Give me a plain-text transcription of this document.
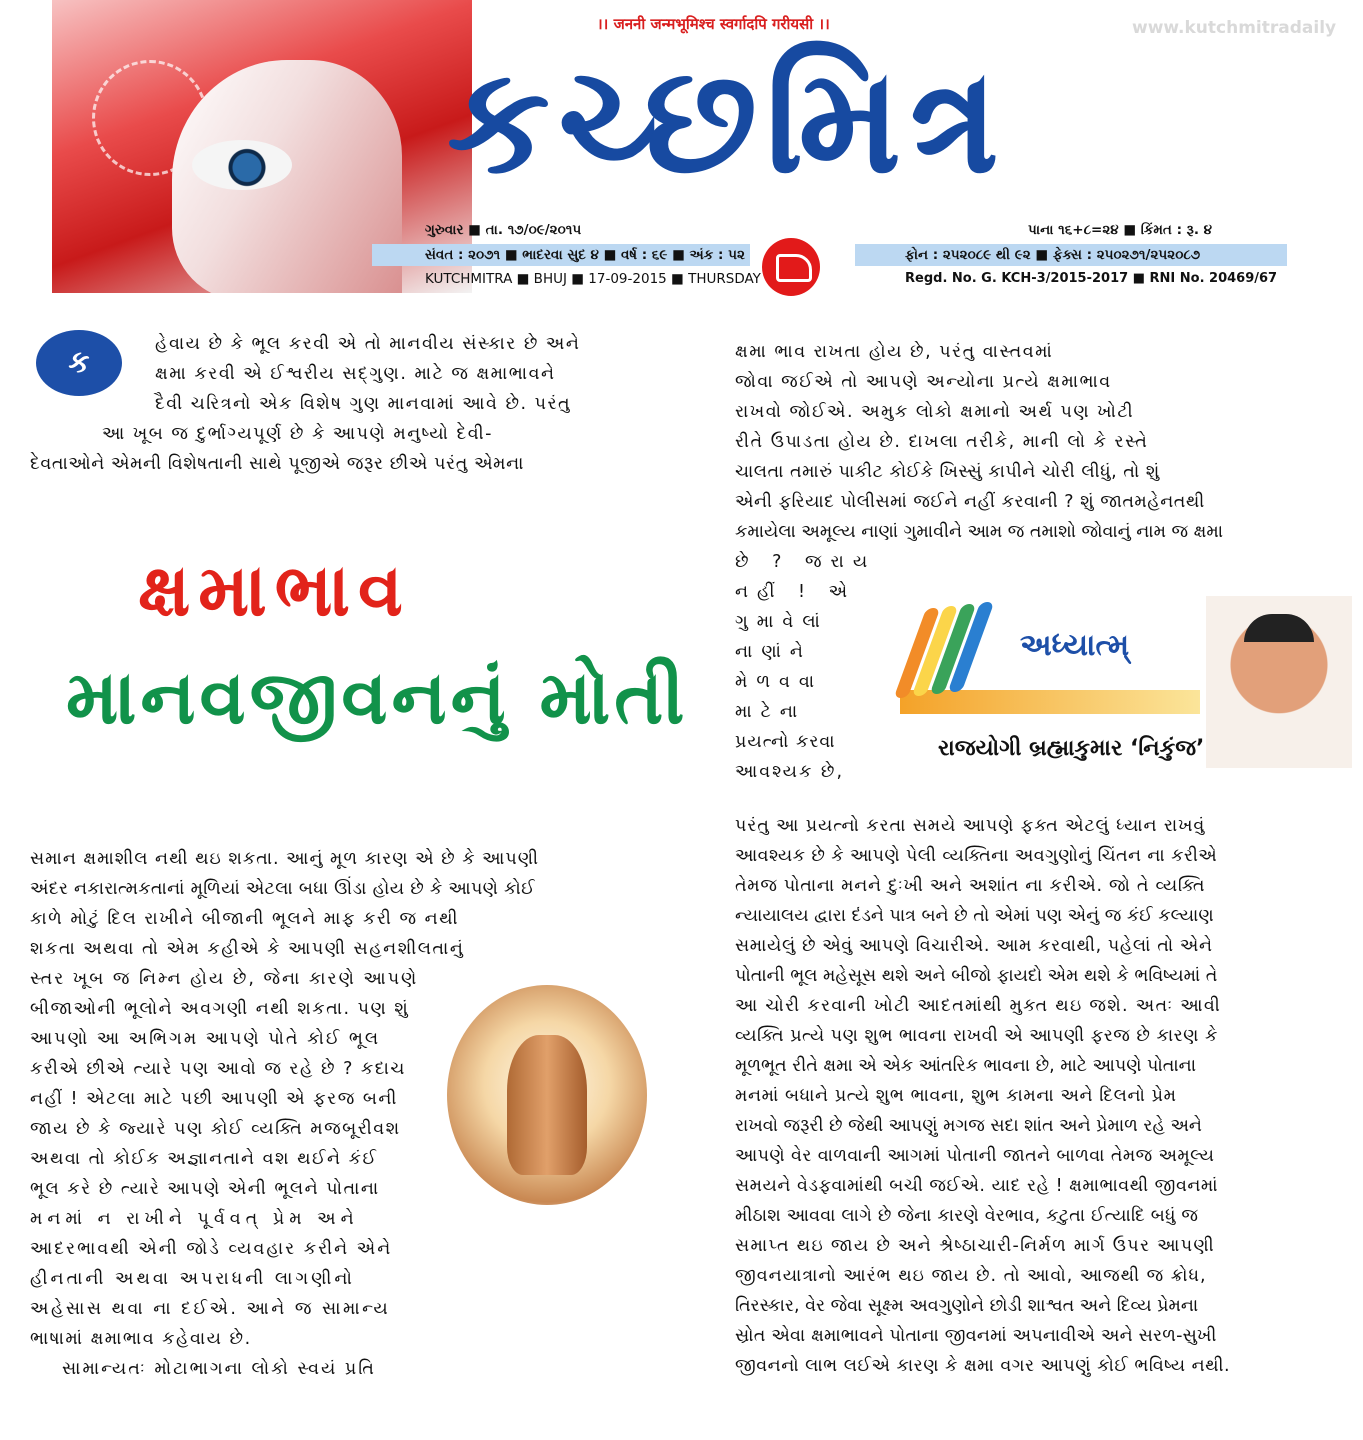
।। जननी जन्मभूमिश्च स्वर्गादपि गरीयसी ।।	www.kutchmitradaily
કચ્છમિત્ર
ગુરુવાર ■ તા. ૧૭/૦૯/૨૦૧૫	પાના ૧૬+૮=૨૪ ■ કિંમત : રૂ. ૪
સંવત : ૨૦૭૧ ■ ભાદરવા સુદ ૪ ■ વર્ષ : ૬૯ ■ અંક : ૫૨	ફોન : ૨૫૨૦૮૯ થી ૯૨ ■ ફેક્સ : ૨૫૦૨૭૧/૨૫૨૦૮૭
KUTCHMITRA ■ BHUJ ■ 17-09-2015 ■ THURSDAY	Regd. No. G. KCH-3/2015-2017 ■ RNI No. 20469/67
ક
હેવાય છે કે ભૂલ કરવી એ તો માનવીય સંસ્કાર છે અને
ક્ષમા કરવી એ ઈશ્વરીય સદ્ગુણ. માટે જ ક્ષમાભાવને
દૈવી ચરિત્રનો એક વિશેષ ગુણ માનવામાં આવે છે. પરંતુ
આ ખૂબ જ દુર્ભાગ્યપૂર્ણ છે કે આપણે મનુષ્યો દેવી-
દેવતાઓને એમની વિશેષતાની સાથે પૂજીએ જરૂર છીએ પરંતુ એમના
ક્ષમાભાવ
માનવજીવનનું મોતી
સમાન ક્ષમાશીલ નથી થઇ શકતા. આનું મૂળ કારણ એ છે કે આપણી
અંદર નકારાત્મકતાનાં મૂળિયાં એટલા બધા ઊંડા હોય છે કે આપણે કોઈ
કાળે મોટું દિલ રાખીને બીજાની ભૂલને માફ કરી જ નથી
શકતા અથવા તો એમ કહીએ કે આપણી સહનશીલતાનું
સ્તર ખૂબ જ નિમ્ન હોય છે, જેના કારણે આપણે
બીજાઓની ભૂલોને અવગણી નથી શકતા. પણ શું
આપણો આ અભિગમ આપણે પોતે કોઈ ભૂલ
કરીએ છીએ ત્યારે પણ આવો જ રહે છે ? કદાચ
નહીં ! એટલા માટે પછી આપણી એ ફરજ બની
જાય છે કે જ્યારે પણ કોઈ વ્યક્તિ મજબૂરીવશ
અથવા તો કોઈક અજ્ઞાનતાને વશ થઈને કંઈ
ભૂલ કરે છે ત્યારે આપણે એની ભૂલને પોતાના
મનમાં ન રાખીને પૂર્વવત્ પ્રેમ અને
આદરભાવથી એની જોડે વ્યવહાર કરીને એને
હીનતાની અથવા અપરાધની લાગણીનો
અહેસાસ થવા ના દઈએ. આને જ સામાન્ય
ભાષામાં ક્ષમાભાવ કહેવાય છે.
સામાન્યતઃ મોટાભાગના લોકો સ્વયં પ્રતિ
ક્ષમા ભાવ રાખતા હોય છે, પરંતુ વાસ્તવમાં
જોવા જઈએ તો આપણે અન્યોના પ્રત્યે ક્ષમાભાવ
રાખવો જોઈએ. અમુક લોકો ક્ષમાનો અર્થ પણ ખોટી
રીતે ઉપાડતા હોય છે. દાખલા તરીકે, માની લો કે રસ્તે
ચાલતા તમારું પાકીટ કોઈકે ખિસ્સું કાપીને ચોરી લીધું, તો શું
એની ફરિયાદ પોલીસમાં જઈને નહીં કરવાની ? શું જાતમહેનતથી
કમાયેલા અમૂલ્ય નાણાં ગુમાવીને આમ જ તમાશો જોવાનું નામ જ ક્ષમા
છે ? જરાય
નહીં ! એ
ગુમાવેલાં
નાણાંને
મેળવવા
માટેના
પ્રયત્નો કરવા
આવશ્યક છે,
અધ્યાત્મ્
રાજયોગી બ્રહ્માકુમાર ‘નિકુંજ’
પરંતુ આ પ્રયત્નો કરતા સમયે આપણે ફક્ત એટલું ધ્યાન રાખવું
આવશ્યક છે કે આપણે પેલી વ્યક્તિના અવગુણોનું ચિંતન ના કરીએ
તેમજ પોતાના મનને દુઃખી અને અશાંત ના કરીએ. જો તે વ્યક્તિ
ન્યાયાલય દ્વારા દંડને પાત્ર બને છે તો એમાં પણ એનું જ કંઈ કલ્યાણ
સમાયેલું છે એવું આપણે વિચારીએ. આમ કરવાથી, પહેલાં તો એને
પોતાની ભૂલ મહેસૂસ થશે અને બીજો ફાયદો એમ થશે કે ભવિષ્યમાં તે
આ ચોરી કરવાની ખોટી આદતમાંથી મુક્ત થઇ જશે. અતઃ આવી
વ્યક્તિ પ્રત્યે પણ શુભ ભાવના રાખવી એ આપણી ફરજ છે કારણ કે
મૂળભૂત રીતે ક્ષમા એ એક આંતરિક ભાવના છે, માટે આપણે પોતાના
મનમાં બધાને પ્રત્યે શુભ ભાવના, શુભ કામના અને દિલનો પ્રેમ
રાખવો જરૂરી છે જેથી આપણું મગજ સદા શાંત અને પ્રેમાળ રહે અને
આપણે વેર વાળવાની આગમાં પોતાની જાતને બાળવા તેમજ અમૂલ્ય
સમયને વેડફવામાંથી બચી જઈએ. યાદ રહે ! ક્ષમાભાવથી જીવનમાં
મીઠાશ આવવા લાગે છે જેના કારણે વેરભાવ, કટુતા ઈત્યાદિ બધું જ
સમાપ્ત થઇ જાય છે અને શ્રેષ્ઠાચારી-નિર્મળ માર્ગ ઉપર આપણી
જીવનયાત્રાનો આરંભ થઇ જાય છે. તો આવો, આજથી જ ક્રોધ,
તિરસ્કાર, વેર જેવા સૂક્ષ્મ અવગુણોને છોડી શાશ્વત અને દિવ્ય પ્રેમના
સ્રોત એવા ક્ષમાભાવને પોતાના જીવનમાં અપનાવીએ અને સરળ-સુખી
જીવનનો લાભ લઈએ કારણ કે ક્ષમા વગર આપણું કોઈ ભવિષ્ય નથી.
